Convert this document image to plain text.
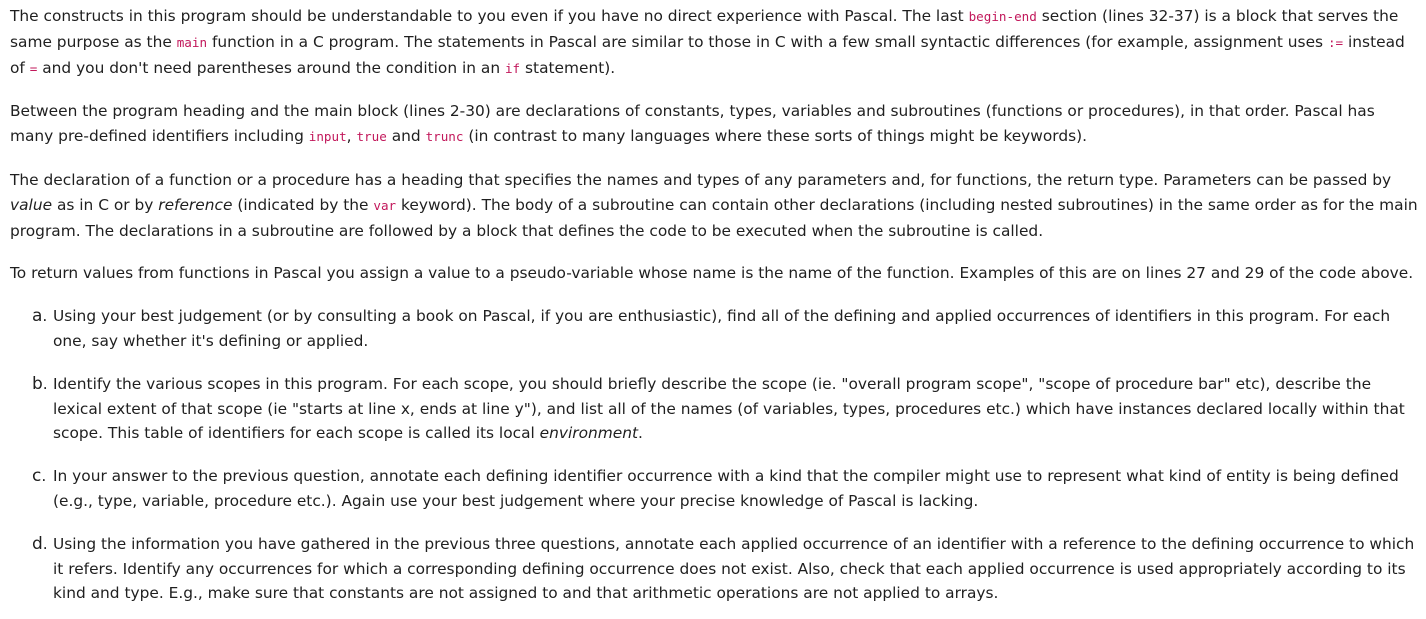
The constructs in this program should be understandable to you even if you have no direct experience with Pascal. The last begin-end section (lines 32-37) is a block that serves the same purpose as the main function in a C program. The statements in Pascal are similar to those in C with a few small syntactic differences (for example, assignment uses := instead of = and you don't need parentheses around the condition in an if statement).

Between the program heading and the main block (lines 2-30) are declarations of constants, types, variables and subroutines (functions or procedures), in that order. Pascal has many pre-defined identifiers including input, true and trunc (in contrast to many languages where these sorts of things might be keywords).

The declaration of a function or a procedure has a heading that specifies the names and types of any parameters and, for functions, the return type. Parameters can be passed by value as in C or by reference (indicated by the var keyword). The body of a subroutine can contain other declarations (including nested subroutines) in the same order as for the main program. The declarations in a subroutine are followed by a block that defines the code to be executed when the subroutine is called.

To return values from functions in Pascal you assign a value to a pseudo-variable whose name is the name of the function. Examples of this are on lines 27 and 29 of the code above.

a. Using your best judgement (or by consulting a book on Pascal, if you are enthusiastic), find all of the defining and applied occurrences of identifiers in this program. For each one, say whether it's defining or applied.
b. Identify the various scopes in this program. For each scope, you should briefly describe the scope (ie. "overall program scope", "scope of procedure bar" etc), describe the lexical extent of that scope (ie "starts at line x, ends at line y"), and list all of the names (of variables, types, procedures etc.) which have instances declared locally within that scope. This table of identifiers for each scope is called its local environment.
c. In your answer to the previous question, annotate each defining identifier occurrence with a kind that the compiler might use to represent what kind of entity is being defined (e.g., type, variable, procedure etc.). Again use your best judgement where your precise knowledge of Pascal is lacking.
d. Using the information you have gathered in the previous three questions, annotate each applied occurrence of an identifier with a reference to the defining occurrence to which it refers. Identify any occurrences for which a corresponding defining occurrence does not exist. Also, check that each applied occurrence is used appropriately according to its kind and type. E.g., make sure that constants are not assigned to and that arithmetic operations are not applied to arrays.
